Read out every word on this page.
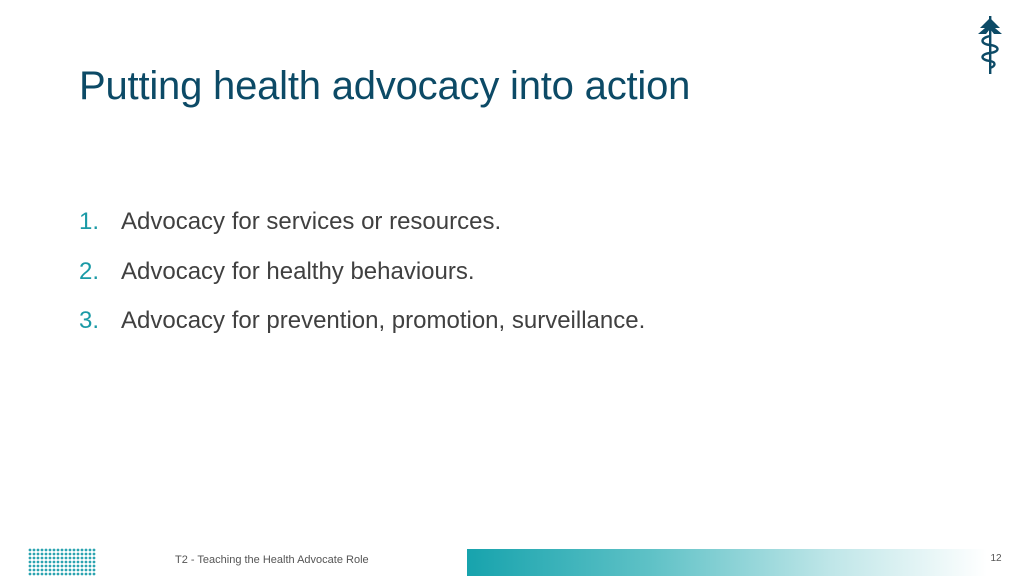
Putting health advocacy into action
1. Advocacy for services or resources.
2. Advocacy for healthy behaviours.
3. Advocacy for prevention, promotion, surveillance.
T2 - Teaching the Health Advocate Role	12
